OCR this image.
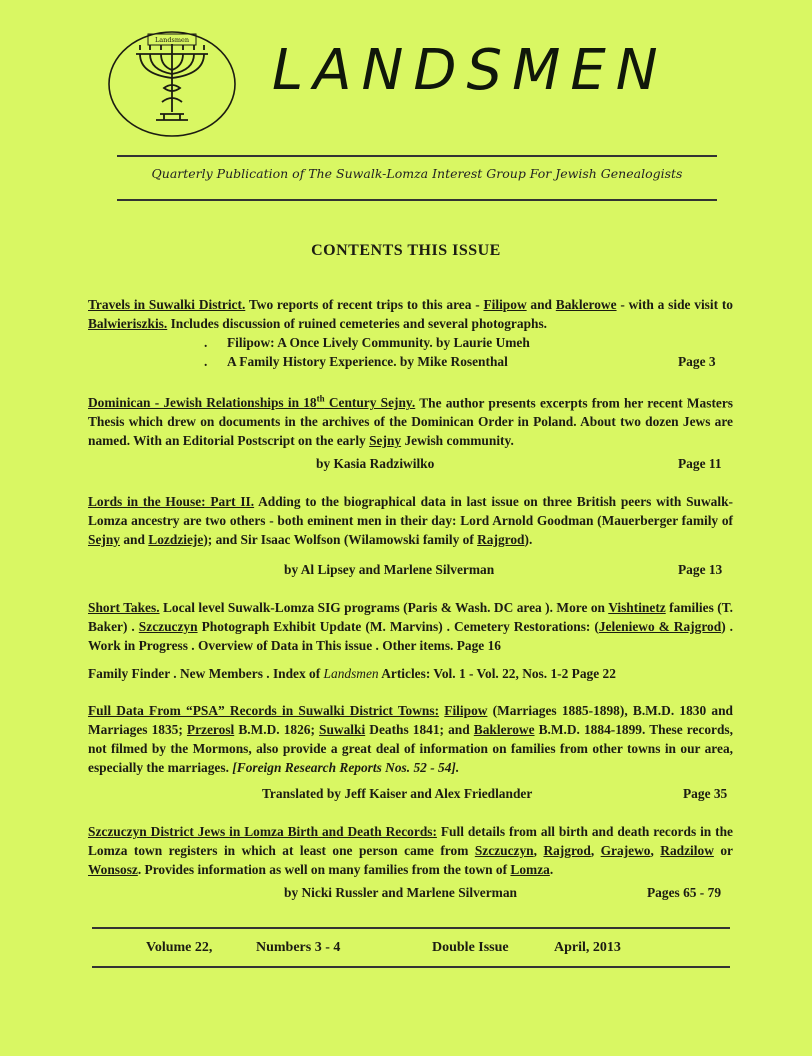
Landsmen LANDSMEN
Quarterly Publication of The Suwalk-Lomza Interest Group For Jewish Genealogists
CONTENTS THIS ISSUE

Travels in Suwalki District. Two reports of recent trips to this area - Filipow and Baklerowe - with a side visit to Balwieriszkis. Includes discussion of ruined cemeteries and several photographs.

. Filipow: A Once Lively Community. by Laurie Umeh
. A Family History Experience. by Mike Rosenthal	Page 3

Dominican - Jewish Relationships in 18th Century Sejny. The author presents excerpts from her recent Masters Thesis which drew on documents in the archives of the Dominican Order in Poland. About two dozen Jews are named. With an Editorial Postscript on the early Sejny Jewish community.

by Kasia Radziwilko	Page 11

Lords in the House: Part II. Adding to the biographical data in last issue on three British peers with Suwalk-Lomza ancestry are two others - both eminent men in their day: Lord Arnold Goodman (Mauerberger family of Sejny and Lozdzieje); and Sir Isaac Wolfson (Wilamowski family of Rajgrod).

by Al Lipsey and Marlene Silverman	Page 13

Short Takes. Local level Suwalk-Lomza SIG programs (Paris & Wash. DC area ). More on Vishtinetz families (T. Baker) . Szczuczyn Photograph Exhibit Update (M. Marvins) . Cemetery Restorations: (Jeleniewo & Rajgrod) . Work in Progress . Overview of Data in This issue . Other items. Page 16

Family Finder . New Members . Index of Landsmen Articles: Vol. 1 - Vol. 22, Nos. 1-2 Page 22

Full Data From “PSA” Records in Suwalki District Towns: Filipow (Marriages 1885-1898), B.M.D. 1830 and Marriages 1835; Przerosl B.M.D. 1826; Suwalki Deaths 1841; and Baklerowe B.M.D. 1884-1899. These records, not filmed by the Mormons, also provide a great deal of information on families from other towns in our area, especially the marriages. [Foreign Research Reports Nos. 52 - 54].

Translated by Jeff Kaiser and Alex Friedlander	Page 35

Szczuczyn District Jews in Lomza Birth and Death Records: Full details from all birth and death records in the Lomza town registers in which at least one person came from Szczuczyn, Rajgrod, Grajewo, Radzilow or Wonsosz. Provides information as well on many families from the town of Lomza.

by Nicki Russler and Marlene Silverman	Pages 65 - 79
Volume 22,	Numbers 3 - 4	Double Issue	April, 2013
